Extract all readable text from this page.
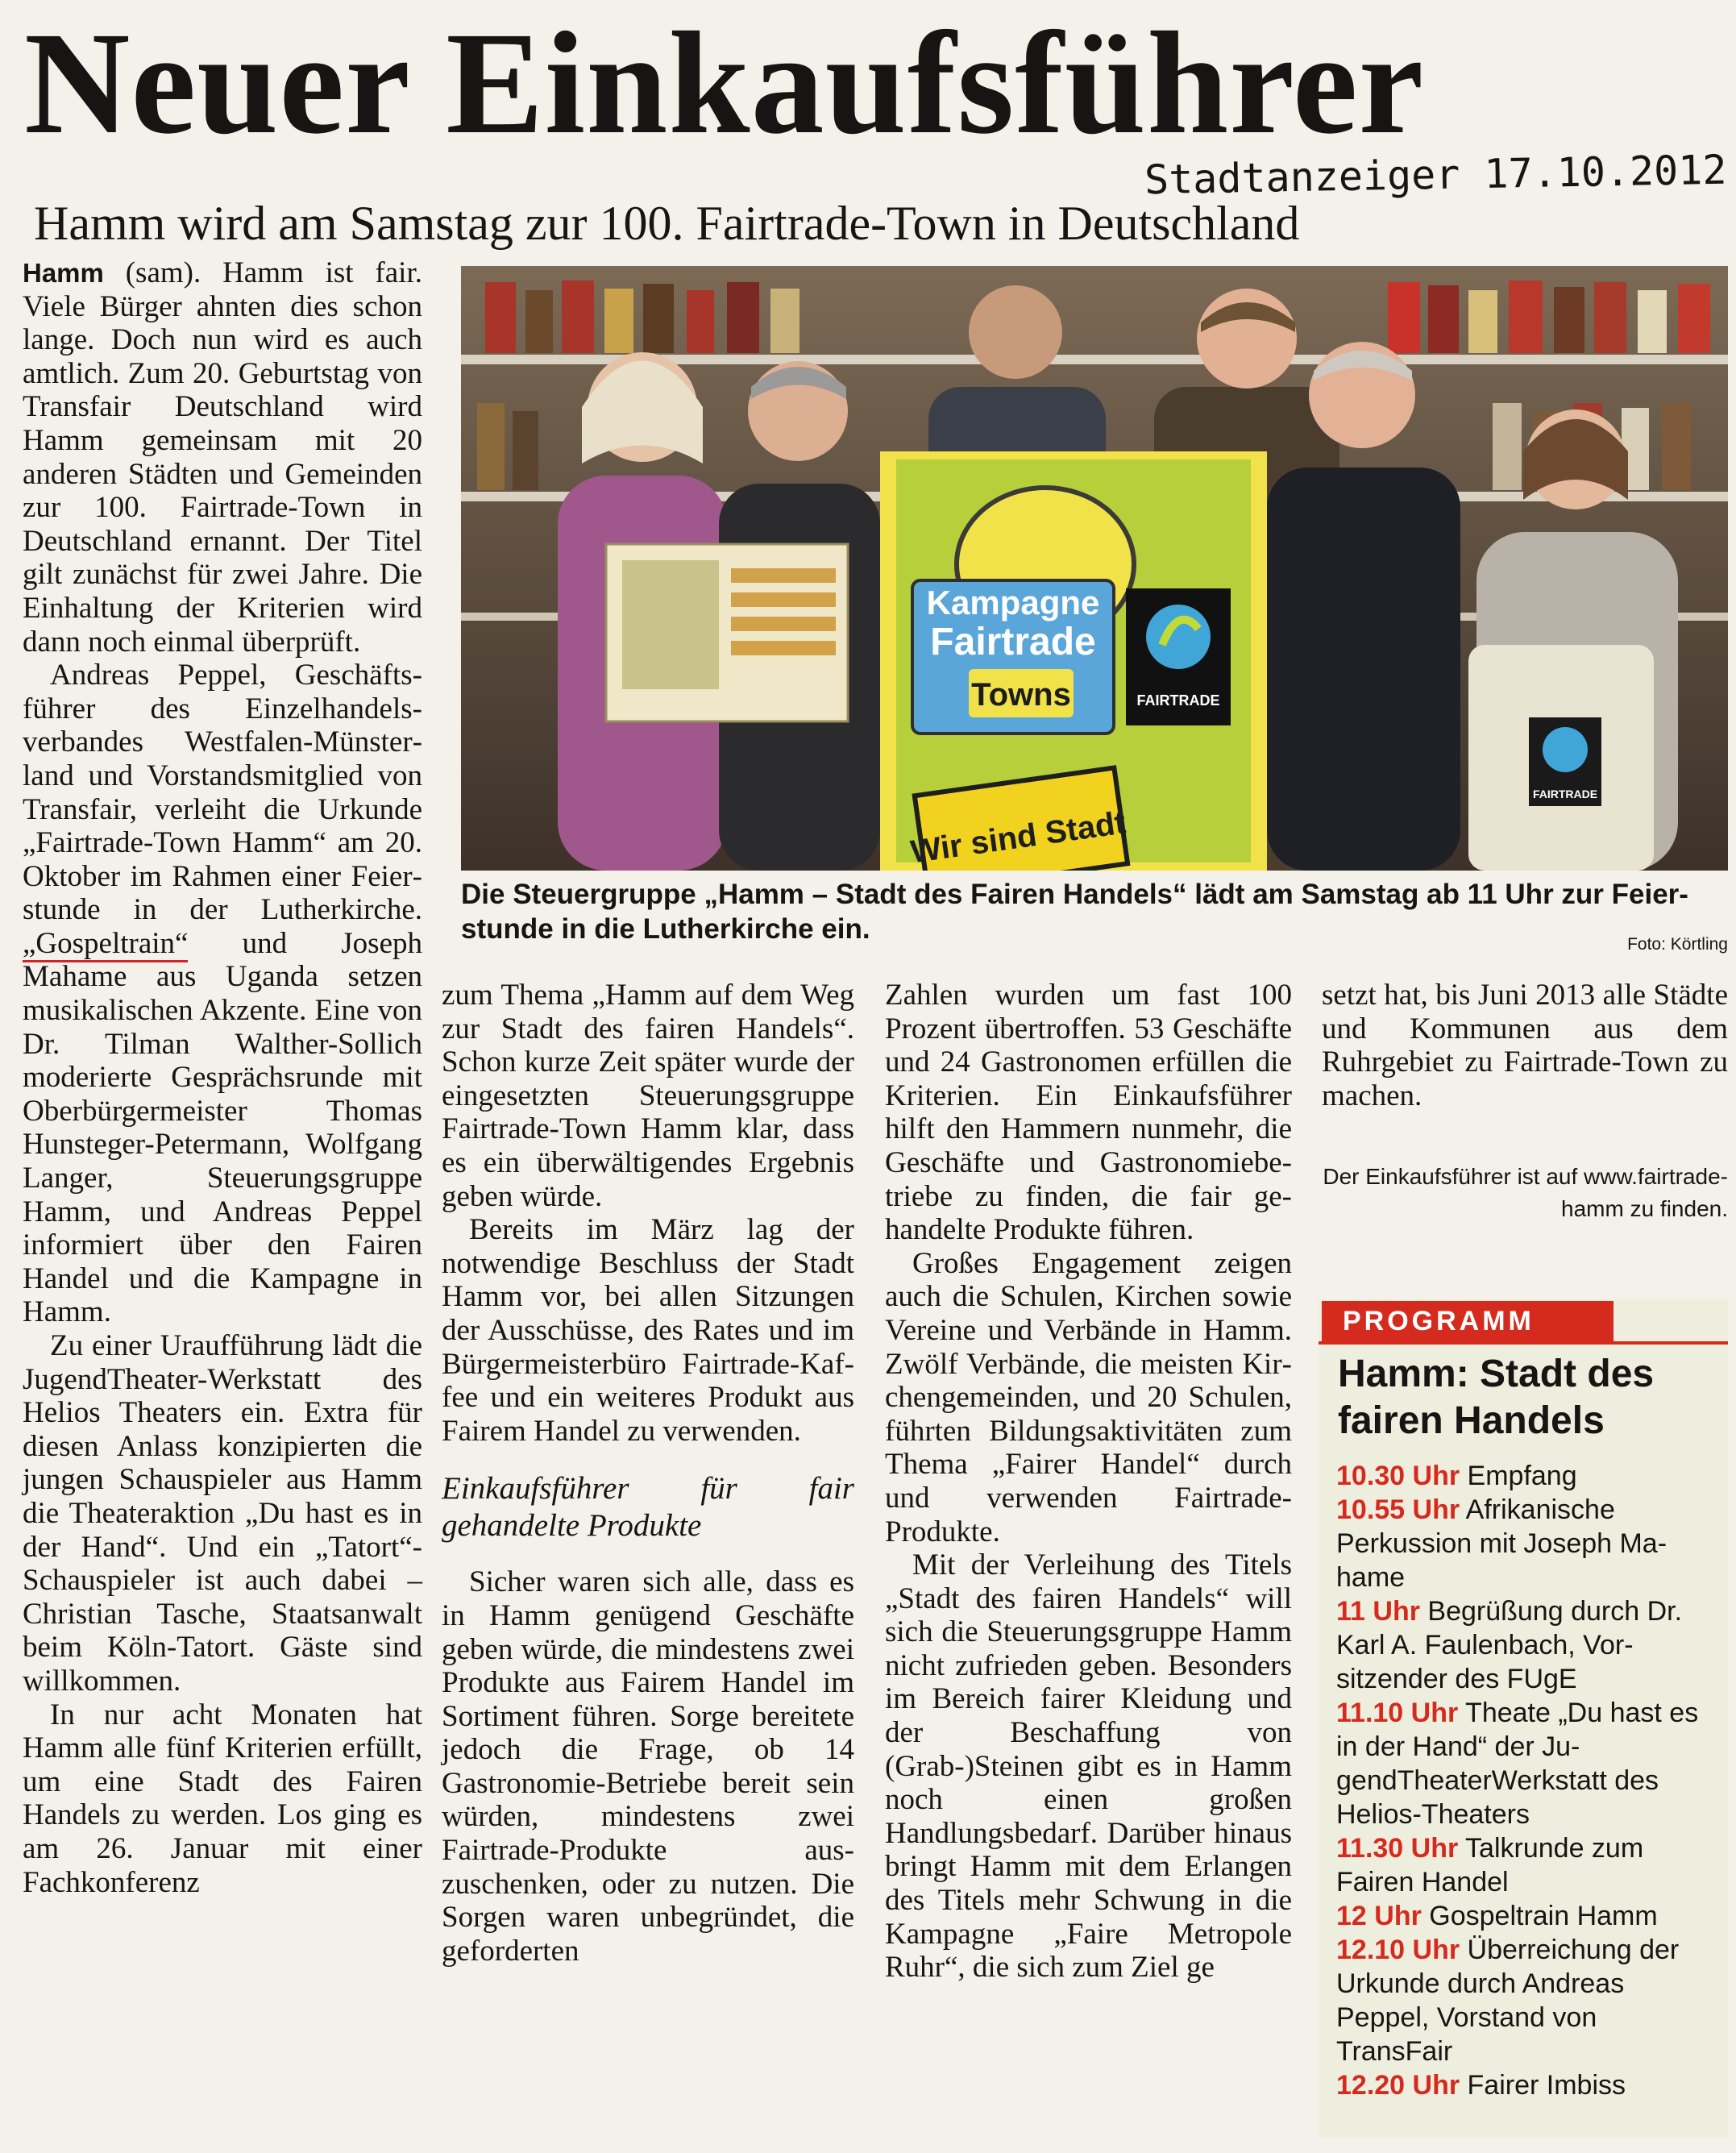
Neuer Einkaufsführer
Stadtanzeiger 17.10.2012
Hamm wird am Samstag zur 100. Fairtrade-Town in Deutschland

Hamm (sam). Hamm ist fair. Viele Bürger ahnten dies schon lange. Doch nun wird es auch amtlich. Zum 20. Geburtstag von Transfair Deutschland wird Hamm gemeinsam mit 20 anderen Städten und Gemeinden zur 100. Fairtrade-Town in Deutschland ernannt. Der Titel gilt zunächst für zwei Jahre. Die Einhaltung der Kriterien wird dann noch einmal überprüft.

Andreas Peppel, Geschäftsführer des Einzelhandelsverbandes Westfalen-Münsterland und Vorstandsmitglied von Transfair, verleiht die Urkunde „Fairtrade-Town Hamm“ am 20. Oktober im Rahmen einer Feierstunde in der Lutherkirche. „Gospeltrain“ und Joseph Mahame aus Uganda setzen musikalischen Akzente. Eine von Dr. Tilman Walther-Sollich moderierte Gesprächsrunde mit Oberbürgermeister Thomas Hunsteger-Petermann, Wolfgang Langer, Steuerungsgruppe Hamm, und Andreas Peppel informiert über den Fairen Handel und die Kampagne in Hamm.

Zu einer Uraufführung lädt die JugendTheater-Werkstatt des Helios Theaters ein. Extra für diesen Anlass konzipierten die jungen Schauspieler aus Hamm die Theateraktion „Du hast es in der Hand“. Und ein „Tatort“-Schauspieler ist auch dabei – Christian Tasche, Staatsanwalt beim Köln-Tatort. Gäste sind willkommen.

In nur acht Monaten hat Hamm alle fünf Kriterien erfüllt, um eine Stadt des Fairen Handels zu werden. Los ging es am 26. Januar mit einer Fachkonferenz

Kampagne
Fairtrade
Towns	FAIRTRADE
Wir sind Stadt
FAIRTRADE
Die Steuergruppe „Hamm – Stadt des Fairen Handels“ lädt am Samstag ab 11 Uhr zur Feierstunde in die Lutherkirche ein.	Foto: Körtling

zum Thema „Hamm auf dem Weg zur Stadt des fairen Handels“. Schon kurze Zeit später wurde der eingesetzten Steuerungsgruppe Fairtrade-Town Hamm klar, dass es ein überwältigendes Ergebnis geben würde.

Bereits im März lag der notwendige Beschluss der Stadt Hamm vor, bei allen Sitzungen der Ausschüsse, des Rates und im Bürgermeisterbüro Fairtrade-Kaffee und ein weiteres Produkt aus Fairem Handel zu verwenden.

Einkaufsführer für fair gehandelte Produkte

Sicher waren sich alle, dass es in Hamm genügend Geschäfte geben würde, die mindestens zwei Produkte aus Fairem Handel im Sortiment führen. Sorge bereitete jedoch die Frage, ob 14 Gastronomie-Betriebe bereit sein würden, mindestens zwei Fairtrade-Produkte auszuschenken, oder zu nutzen. Die Sorgen waren unbegründet, die geforderten

Zahlen wurden um fast 100 Prozent übertroffen. 53 Geschäfte und 24 Gastronomen erfüllen die Kriterien. Ein Einkaufsführer hilft den Hammern nunmehr, die Geschäfte und Gastronomiebetriebe zu finden, die fair gehandelte Produkte führen.

Großes Engagement zeigen auch die Schulen, Kirchen sowie Vereine und Verbände in Hamm. Zwölf Verbände, die meisten Kirchengemeinden, und 20 Schulen, führten Bildungsaktivitäten zum Thema „Fairer Handel“ durch und verwenden Fairtrade-Produkte.

Mit der Verleihung des Titels „Stadt des fairen Handels“ will sich die Steuerungsgruppe Hamm nicht zufrieden geben. Besonders im Bereich fairer Kleidung und der Beschaffung von (Grab-)Steinen gibt es in Hamm noch einen großen Handlungsbedarf. Darüber hinaus bringt Hamm mit dem Erlangen des Titels mehr Schwung in die Kampagne „Faire Metropole Ruhr“, die sich zum Ziel ge

setzt hat, bis Juni 2013 alle Städte und Kommunen aus dem Ruhrgebiet zu Fairtrade-Town zu machen.

Der Einkaufsführer ist auf www.fairtrade-hamm zu finden.
PROGRAMM
Hamm: Stadt des fairen Handels

10.30 Uhr Empfang

10.55 Uhr Afrikanische Perkussion mit Joseph Mahame

11 Uhr Begrüßung durch Dr. Karl A. Faulenbach, Vorsitzender des FUgE

11.10 Uhr Theate „Du hast es in der Hand“ der JugendTheaterWerkstatt des Helios-Theaters

11.30 Uhr Talkrunde zum Fairen Handel

12 Uhr Gospeltrain Hamm

12.10 Uhr Überreichung der Urkunde durch Andreas Peppel, Vorstand von TransFair

12.20 Uhr Fairer Imbiss
